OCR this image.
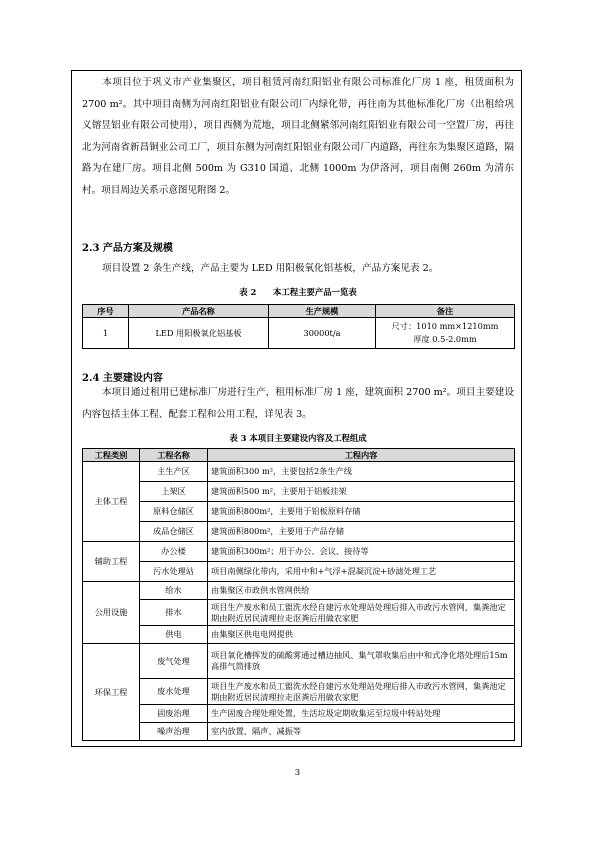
本项目位于巩义市产业集聚区，项目租赁河南红阳铝业有限公司标准化厂房 1 座，租赁面积为 2700 m²。其中项目南侧为河南红阳铝业有限公司厂内绿化带，再往南为其他标准化厂房（出租给巩义镕昱铝业有限公司使用），项目西侧为荒地，项目北侧紧邻河南红阳铝业有限公司一空置厂房，再往北为河南省新昌铜业公司工厂，项目东侧为河南红阳铝业有限公司厂内道路，再往东为集聚区道路，隔路为在建厂房。项目北侧 500m 为 G310 国道、北侧 1000m 为伊洛河，项目南侧 260m 为清东村。项目周边关系示意图见附图 2。

2.3 产品方案及规模

项目设置 2 条生产线，产品主要为 LED 用阳极氧化铝基板，产品方案见表 2。

表 2　　本工程主要产品一览表

序号	产品名称	生产规模	备注
1	LED 用阳极氧化铝基板	30000t/a	尺寸：1010 mm×1210mm
厚度 0.5-2.0mm

2.4 主要建设内容

本项目通过租用已建标准厂房进行生产，租用标准厂房 1 座，建筑面积 2700 m²。项目主要建设内容包括主体工程、配套工程和公用工程，详见表 3。

表 3 本项目主要建设内容及工程组成

工程类别	工程名称	工程内容
主体工程	主生产区	建筑面积300 m²，主要包括2条生产线
	上架区	建筑面积500 m²，主要用于铝板挂架
	原料仓储区	建筑面积800m²，主要用于铝板原料存储
	成品仓储区	建筑面积800m²，主要用于产品存储
辅助工程	办公楼	建筑面积300m²；用于办公、会议、接待等
	污水处理站	项目南侧绿化带内，采用中和+气浮+混凝沉淀+砂滤处理工艺
公用设施	给水	由集聚区市政供水管网供给
	排水	项目生产废水和员工盥洗水经自建污水处理站处理后排入市政污水管网，集粪池定期由附近居民清理拉走沤粪后用做农家肥
	供电	由集聚区供电电网提供
环保工程	废气处理	项目氧化槽挥发的硫酸雾通过槽边抽风、集气罩收集后由中和式净化塔处理后15m高排气筒排放
	废水处理	项目生产废水和员工盥洗水经自建污水处理站处理后排入市政污水管网，集粪池定期由附近居民清理拉走沤粪后用做农家肥
	固废治理	生产固废合理处理处置，生活垃圾定期收集运至垃圾中转站处理
	噪声治理	室内放置、隔声、减振等
3
